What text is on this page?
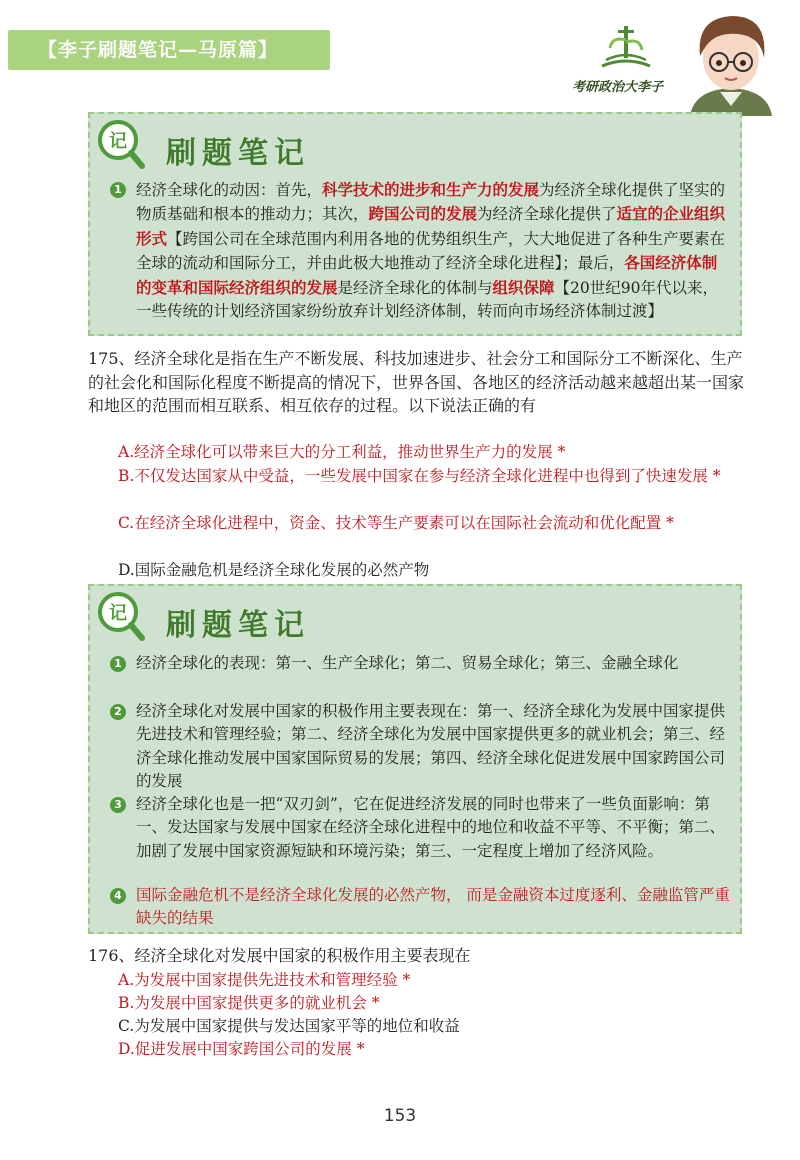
【李子刷题笔记—马原篇】
考研政治大李子
记 刷题笔记
1 经济全球化的动因：首先，科学技术的进步和生产力的发展为经济全球化提供了坚实的物质基础和根本的推动力；其次，跨国公司的发展为经济全球化提供了适宜的企业组织形式【跨国公司在全球范围内利用各地的优势组织生产，大大地促进了各种生产要素在全球的流动和国际分工，并由此极大地推动了经济全球化进程】；最后，各国经济体制的变革和国际经济组织的发展是经济全球化的体制与组织保障【20世纪90年代以来，一些传统的计划经济国家纷纷放弃计划经济体制，转而向市场经济体制过渡】
175、经济全球化是指在生产不断发展、科技加速进步、社会分工和国际分工不断深化、生产的社会化和国际化程度不断提高的情况下，世界各国、各地区的经济活动越来越超出某一国家和地区的范围而相互联系、相互依存的过程。以下说法正确的有
A.经济全球化可以带来巨大的分工利益，推动世界生产力的发展 *
B.不仅发达国家从中受益，一些发展中国家在参与经济全球化进程中也得到了快速发展 *
C.在经济全球化进程中，资金、技术等生产要素可以在国际社会流动和优化配置 *
D.国际金融危机是经济全球化发展的必然产物
记 刷题笔记
1 经济全球化的表现：第一、生产全球化；第二、贸易全球化；第三、金融全球化
2 经济全球化对发展中国家的积极作用主要表现在：第一、经济全球化为发展中国家提供先进技术和管理经验；第二、经济全球化为发展中国家提供更多的就业机会；第三、经济全球化推动发展中国家国际贸易的发展；第四、经济全球化促进发展中国家跨国公司的发展
3 经济全球化也是一把“双刃剑”，它在促进经济发展的同时也带来了一些负面影响：第一、发达国家与发展中国家在经济全球化进程中的地位和收益不平等、不平衡；第二、加剧了发展中国家资源短缺和环境污染；第三、一定程度上增加了经济风险。
4 国际金融危机不是经济全球化发展的必然产物， 而是金融资本过度逐利、金融监管严重缺失的结果
176、经济全球化对发展中国家的积极作用主要表现在
A.为发展中国家提供先进技术和管理经验 *
B.为发展中国家提供更多的就业机会 *
C.为发展中国家提供与发达国家平等的地位和收益
D.促进发展中国家跨国公司的发展 *
153
